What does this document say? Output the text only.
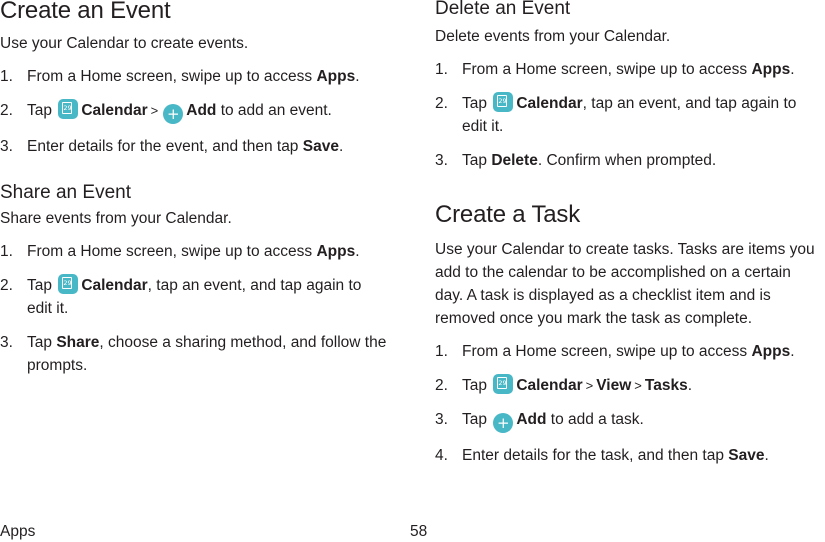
Create an Event

Use your Calendar to create events.

1. From a Home screen, swipe up to access Apps.
2. Tap 29 Calendar > + Add to add an event.
3. Enter details for the event, and then tap Save.
Share an Event

Share events from your Calendar.

1. From a Home screen, swipe up to access Apps.
2. Tap 29 Calendar, tap an event, and tap again to
edit it.
3. Tap Share, choose a sharing method, and follow the
prompts.
Delete an Event

Delete events from your Calendar.

1. From a Home screen, swipe up to access Apps.
2. Tap 29 Calendar, tap an event, and tap again to
edit it.
3. Tap Delete. Confirm when prompted.
Create a Task

Use your Calendar to create tasks. Tasks are items you
add to the calendar to be accomplished on a certain
day. A task is displayed as a checklist item and is
removed once you mark the task as complete.

1. From a Home screen, swipe up to access Apps.
2. Tap 29 Calendar > View > Tasks.
3. Tap + Add to add a task.
4. Enter details for the task, and then tap Save.
Apps	58
